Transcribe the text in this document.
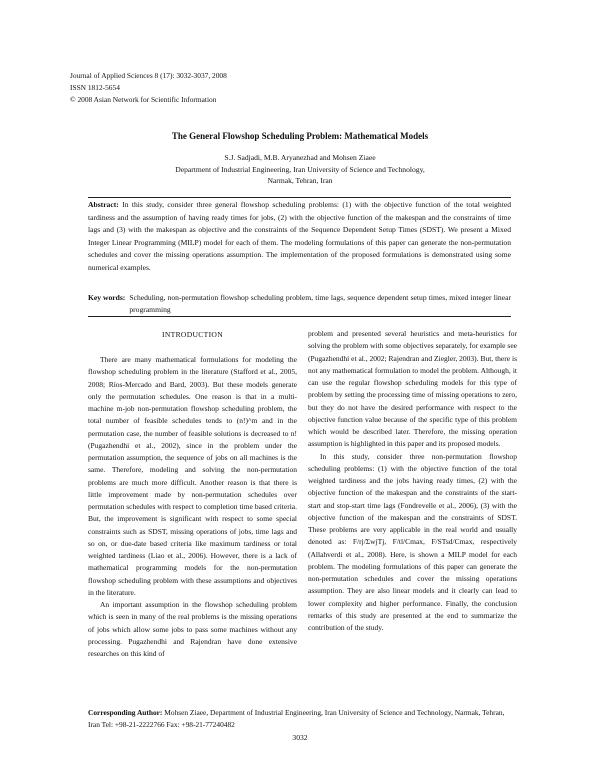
Journal of Applied Sciences 8 (17): 3032-3037, 2008
ISSN 1812-5654
© 2008 Asian Network for Scientific Information
The General Flowshop Scheduling Problem: Mathematical Models
S.J. Sadjadi, M.B. Aryanezhad and Mohsen Ziaee
Department of Industrial Engineering, Iran University of Science and Technology,
Narmak, Tehran, Iran
Abstract: In this study, consider three general flowshop scheduling problems: (1) with the objective function of the total weighted tardiness and the assumption of having ready times for jobs, (2) with the objective function of the makespan and the constraints of time lags and (3) with the makespan as objective and the constraints of the Sequence Dependent Setup Times (SDST). We present a Mixed Integer Linear Programming (MILP) model for each of them. The modeling formulations of this paper can generate the non-permutation schedules and cover the missing operations assumption. The implementation of the proposed formulations is demonstrated using some numerical examples.
Key words: Scheduling, non-permutation flowshop scheduling problem, time lags, sequence dependent setup times, mixed integer linear programming
INTRODUCTION

There are many mathematical formulations for modeling the flowshop scheduling problem in the literature (Stafford et al., 2005, 2008; Ríos-Mercado and Bard, 2003). But these models generate only the permutation schedules. One reason is that in a multi-machine m-job non-permutation flowshop scheduling problem, the total number of feasible schedules tends to (n!)^m and in the permutation case, the number of feasible solutions is decreased to n! (Pugazhendhi et al., 2002), since in the problem under the permutation assumption, the sequence of jobs on all machines is the same. Therefore, modeling and solving the non-permutation problems are much more difficult. Another reason is that there is little improvement made by non-permutation schedules over permutation schedules with respect to completion time based criteria. But, the improvement is significant with respect to some special constraints such as SDST, missing operations of jobs, time lags and so on, or due-date based criteria like maximum tardiness or total weighted tardiness (Liao et al., 2006). However, there is a lack of mathematical programming models for the non-permutation flowshop scheduling problem with these assumptions and objectives in the literature.

An important assumption in the flowshop scheduling problem which is seen in many of the real problems is the missing operations of jobs which allow some jobs to pass some machines without any processing. Pugazhendhi and Rajendran have done extensive researches on this kind of

problem and presented several heuristics and meta-heuristics for solving the problem with some objectives separately, for example see (Pugazhendhi et al., 2002; Rajendran and Ziegler, 2003). But, there is not any mathematical formulation to model the problem. Although, it can use the regular flowshop scheduling models for this type of problem by setting the processing time of missing operations to zero, but they do not have the desired performance with respect to the objective function value because of the specific type of this problem which would be described later. Therefore, the missing operation assumption is highlighted in this paper and its proposed models.

In this study, consider three non-permutation flowshop scheduling problems: (1) with the objective function of the total weighted tardiness and the jobs having ready times, (2) with the objective function of the makespan and the constraints of the start-start and stop-start time lags (Fondrevelle et al., 2006), (3) with the objective function of the makespan and the constraints of SDST. These problems are very applicable in the real world and usually denoted as: F/rj/ΣwjTj, F/tl/Cmax, F/STsd/Cmax, respectively (Allahverdi et al., 2008). Here, is shown a MILP model for each problem. The modeling formulations of this paper can generate the non-permutation schedules and cover the missing operations assumption. They are also linear models and it clearly can lead to lower complexity and higher performance. Finally, the conclusion remarks of this study are presented at the end to summarize the contribution of the study.

Corresponding Author: Mohsen Ziaee, Department of Industrial Engineering, Iran University of Science and Technology, Narmak, Tehran, Iran Tel: +98-21-2222766 Fax: +98-21-77240482
3032
